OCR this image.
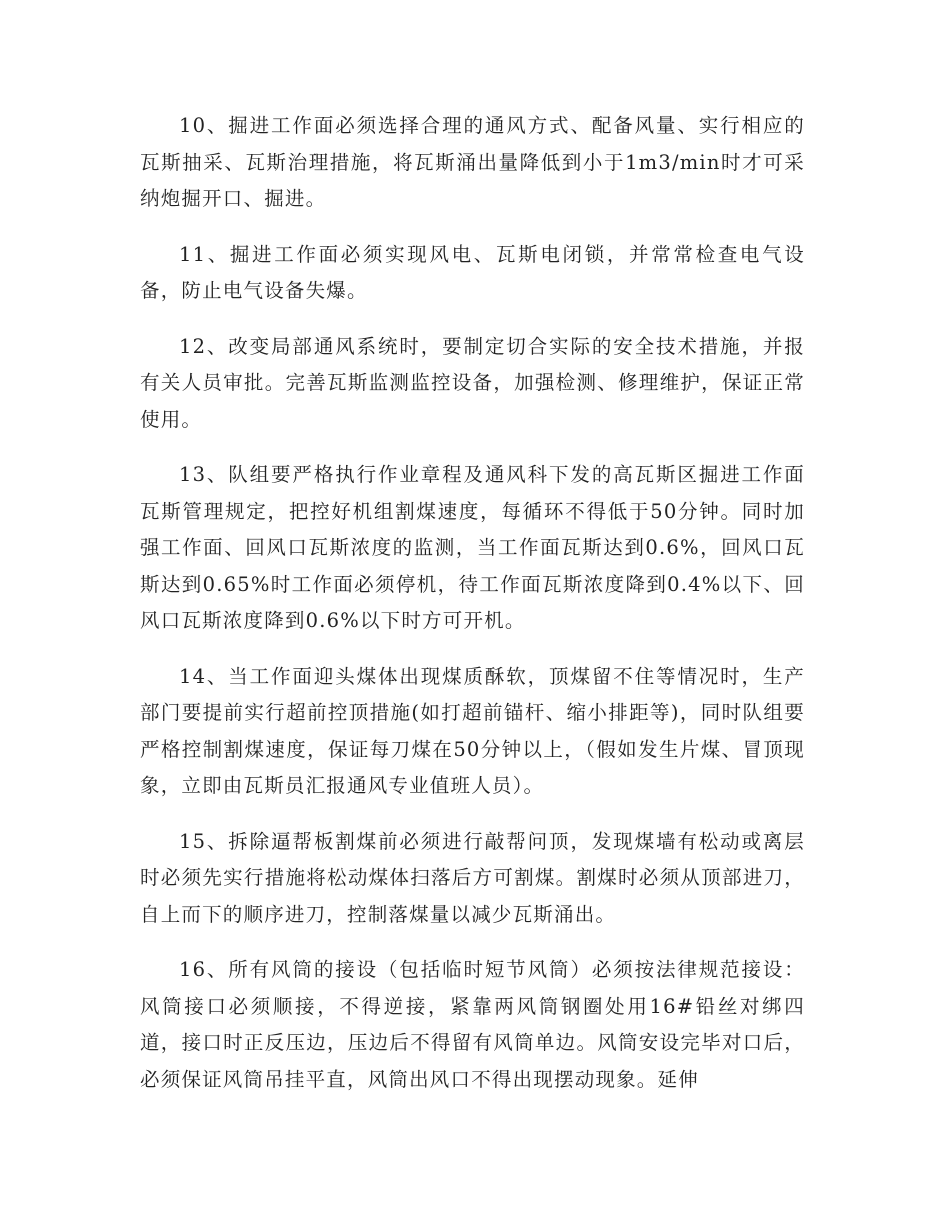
10、掘进工作面必须选择合理的通风方式、配备风量、实行相应的瓦斯抽采、瓦斯治理措施，将瓦斯涌出量降低到小于1m3/min时才可采纳炮掘开口、掘进。

11、掘进工作面必须实现风电、瓦斯电闭锁，并常常检查电气设备，防止电气设备失爆。

12、改变局部通风系统时，要制定切合实际的安全技术措施，并报有关人员审批。完善瓦斯监测监控设备，加强检测、修理维护，保证正常使用。

13、队组要严格执行作业章程及通风科下发的高瓦斯区掘进工作面瓦斯管理规定，把控好机组割煤速度，每循环不得低于50分钟。同时加强工作面、回风口瓦斯浓度的监测，当工作面瓦斯达到0.6%，回风口瓦斯达到0.65%时工作面必须停机，待工作面瓦斯浓度降到0.4%以下、回风口瓦斯浓度降到0.6%以下时方可开机。

14、当工作面迎头煤体出现煤质酥软，顶煤留不住等情况时，生产部门要提前实行超前控顶措施(如打超前锚杆、缩小排距等)，同时队组要严格控制割煤速度，保证每刀煤在50分钟以上，（假如发生片煤、冒顶现象，立即由瓦斯员汇报通风专业值班人员）。

15、拆除逼帮板割煤前必须进行敲帮问顶，发现煤墙有松动或离层时必须先实行措施将松动煤体扫落后方可割煤。割煤时必须从顶部进刀，自上而下的顺序进刀，控制落煤量以减少瓦斯涌出。

16、所有风筒的接设（包括临时短节风筒）必须按法律规范接设：风筒接口必须顺接，不得逆接，紧靠两风筒钢圈处用16#铅丝对绑四道，接口时正反压边，压边后不得留有风筒单边。风筒安设完毕对口后，必须保证风筒吊挂平直，风筒出风口不得出现摆动现象。延伸
